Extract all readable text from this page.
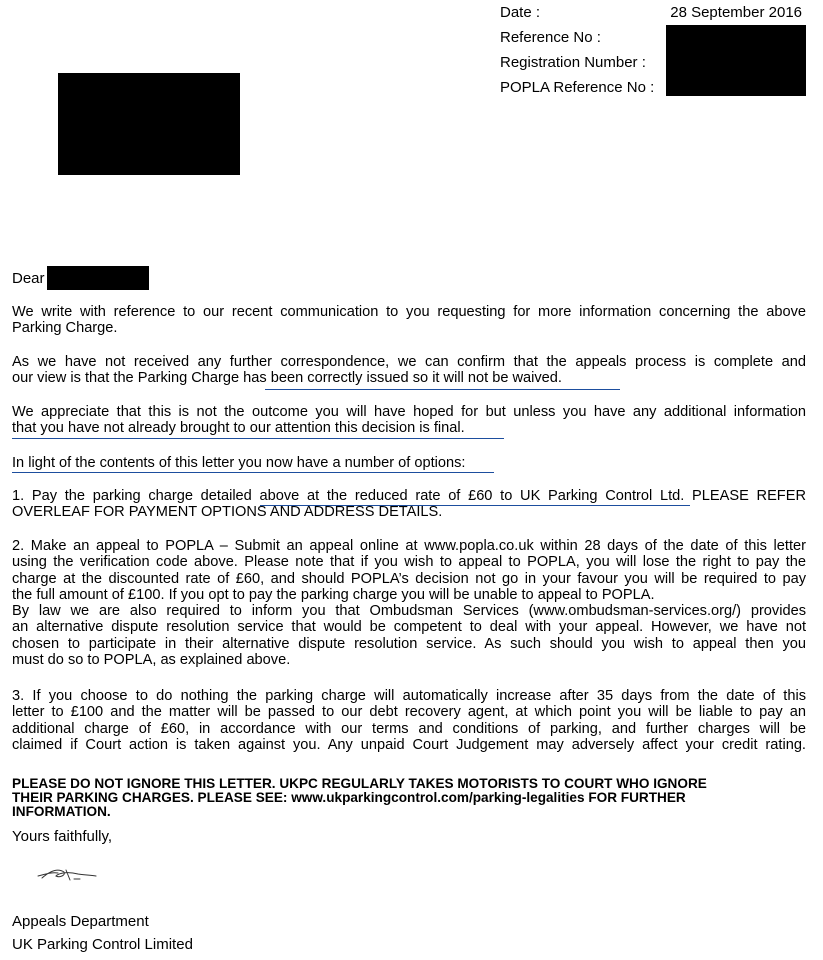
Date :	28 September 2016
Reference No :
Registration Number :
POPLA Reference No :
Dear
We write with reference to our recent communication to you requesting for more information concerning the above
Parking Charge.
As we have not received any further correspondence, we can confirm that the appeals process is complete and
our view is that the Parking Charge has been correctly issued so it will not be waived.
We appreciate that this is not the outcome you will have hoped for but unless you have any additional information
that you have not already brought to our attention this decision is final.
In light of the contents of this letter you now have a number of options:
1. Pay the parking charge detailed above at the reduced rate of £60 to UK Parking Control Ltd. PLEASE REFER
OVERLEAF FOR PAYMENT OPTIONS AND ADDRESS DETAILS.
2. Make an appeal to POPLA – Submit an appeal online at www.popla.co.uk within 28 days of the date of this letter
using the verification code above. Please note that if you wish to appeal to POPLA, you will lose the right to pay the
charge at the discounted rate of £60, and should POPLA’s decision not go in your favour you will be required to pay
the full amount of £100. If you opt to pay the parking charge you will be unable to appeal to POPLA.
By law we are also required to inform you that Ombudsman Services (www.ombudsman-services.org/) provides
an alternative dispute resolution service that would be competent to deal with your appeal. However, we have not
chosen to participate in their alternative dispute resolution service. As such should you wish to appeal then you
must do so to POPLA, as explained above.
3. If you choose to do nothing the parking charge will automatically increase after 35 days from the date of this
letter to £100 and the matter will be passed to our debt recovery agent, at which point you will be liable to pay an
additional charge of £60, in accordance with our terms and conditions of parking, and further charges will be
claimed if Court action is taken against you. Any unpaid Court Judgement may adversely affect your credit rating.
PLEASE DO NOT IGNORE THIS LETTER. UKPC REGULARLY TAKES MOTORISTS TO COURT WHO IGNORE
THEIR PARKING CHARGES. PLEASE SEE: www.ukparkingcontrol.com/parking-legalities FOR FURTHER
INFORMATION.
Yours faithfully,
Appeals Department
UK Parking Control Limited
